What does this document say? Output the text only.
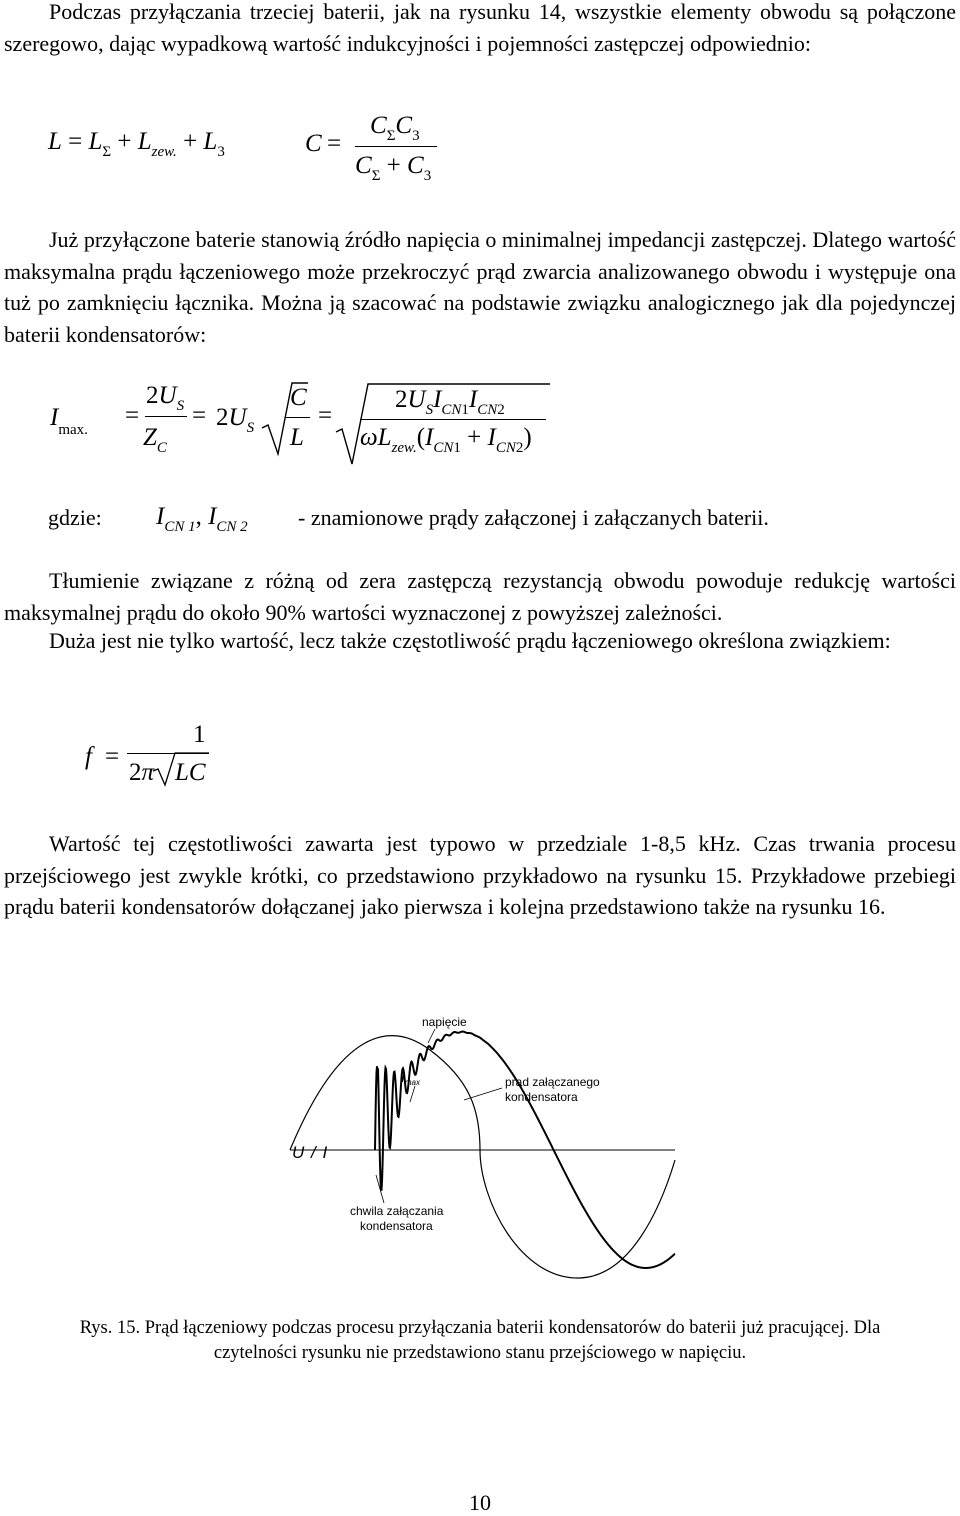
Podczas przyłączania trzeciej baterii, jak na rysunku 14, wszystkie elementy obwodu są połączone szeregowo, dając wypadkową wartość indukcyjności i pojemności zastępczej odpowiednio:

$L = L_\Sigma + L_{zew.} + L_3$	C =
$C_\Sigma C_3$
$C_\Sigma + C_3$

Już przyłączone baterie stanowią źródło napięcia o minimalnej impedancji zastępczej. Dlatego wartość maksymalna prądu łączeniowego może przekroczyć prąd zwarcia analizowanego obwodu i występuje ona tuż po zamknięciu łącznika. Można ją szacować na podstawie związku analogicznego jak dla pojedynczej baterii kondensatorów:

$I_{max.}$
=
$2U_S$
$Z_C$
= $2U_S$
C
L
=
$2U_SI_{CN1}I_{CN2}$
$\omega L_{zew.}(I_{CN1} + I_{CN2})$
gdzie: $I_{CN 1}$, $I_{CN 2}$ - znamionowe prądy załączonej i załączanych baterii.

Tłumienie związane z różną od zera zastępczą rezystancją obwodu powoduje redukcję wartości maksymalnej prądu do około 90% wartości wyznaczonej z powyższej zależności.

Duża jest nie tylko wartość, lecz także częstotliwość prądu łączeniowego określona związkiem:

f =
1
2π LC

Wartość tej częstotliwości zawarta jest typowo w przedziale 1-8,5 kHz. Czas trwania procesu przejściowego jest zwykle krótki, co przedstawiono przykładowo na rysunku 15. Przykładowe przebiegi prądu baterii kondensatorów dołączanej jako pierwsza i kolejna przedstawiono także na rysunku 16.

napięcie
$I_{max}$	prąd załączanego
kondensatora
U / I
chwila załączania
kondensatora
Rys. 15. Prąd łączeniowy podczas procesu przyłączania baterii kondensatorów do baterii już pracującej. Dla
czytelności rysunku nie przedstawiono stanu przejściowego w napięciu.
10
